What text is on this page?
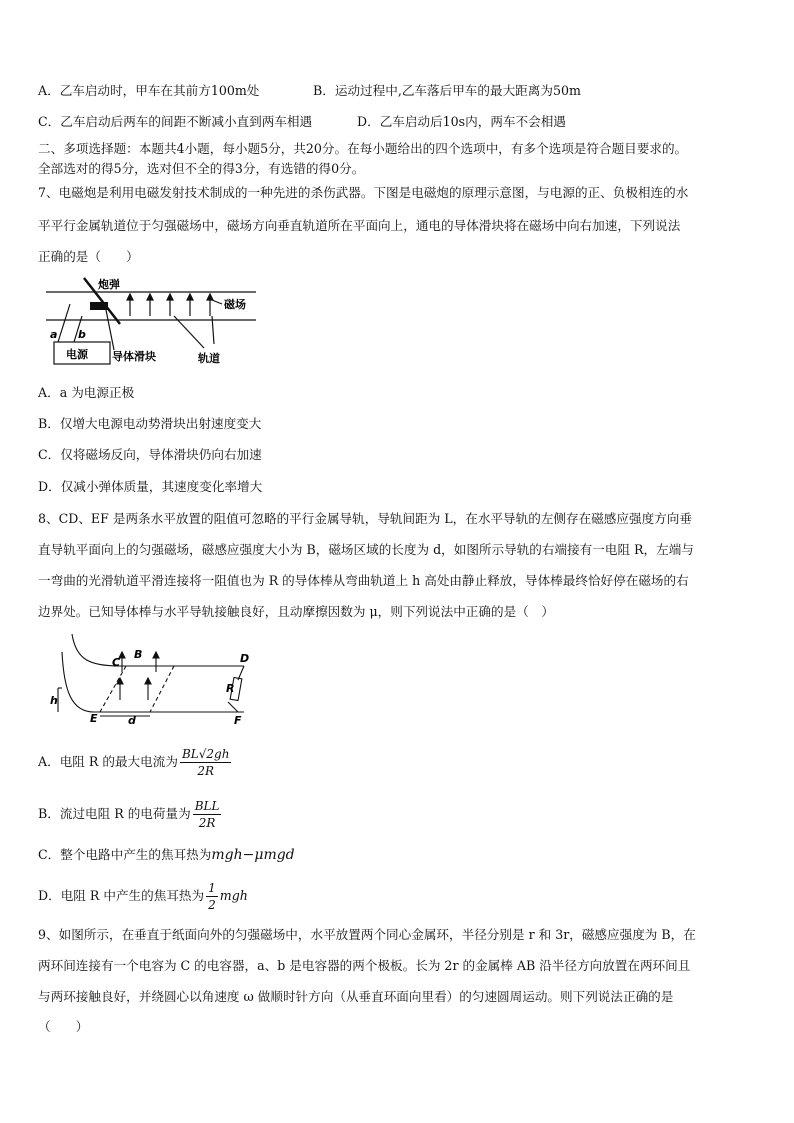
A．乙车启动时，甲车在其前方100m处	B．运动过程中,乙车落后甲车的最大距离为50m
C．乙车启动后两车的间距不断减小直到两车相遇	D．乙车启动后10s内，两车不会相遇
二、多项选择题：本题共4小题，每小题5分，共20分。在每小题给出的四个选项中，有多个选项是符合题目要求的。
全部选对的得5分，选对但不全的得3分，有选错的得0分。
7、电磁炮是利用电磁发射技术制成的一种先进的杀伤武器。下图是电磁炮的原理示意图，与电源的正、负极相连的水
平平行金属轨道位于匀强磁场中，磁场方向垂直轨道所在平面向上，通电的导体滑块将在磁场中向右加速，下列说法
正确的是（　　）
炮弹
磁场
a b
电源 导体滑块	轨道
A．a 为电源正极
B．仅增大电源电动势滑块出射速度变大
C．仅将磁场反向，导体滑块仍向右加速
D．仅减小弹体质量，其速度变化率增大
8、CD、EF 是两条水平放置的阻值可忽略的平行金属导轨，导轨间距为 L，在水平导轨的左侧存在磁感应强度方向垂
直导轨平面向上的匀强磁场，磁感应强度大小为 B，磁场区域的长度为 d，如图所示导轨的右端接有一电阻 R，左端与
一弯曲的光滑轨道平滑连接将一阻值也为 R 的导体棒从弯曲轨道上 h 高处由静止释放，导体棒最终恰好停在磁场的右
边界处。已知导体棒与水平导轨接触良好，且动摩擦因数为 μ，则下列说法中正确的是（　）
C
B	D
h
R
E	d	F
A．电阻 R 的最大电流为 $\frac{BL√2gh}{2R}$
B．流过电阻 R 的电荷量为 $\frac{\text{BLL}}{2R}$
C．整个电路中产生的焦耳热为mgh−μmgd
D．电阻 R 中产生的焦耳热为 $\frac{1}{2}$ mgh
9、如图所示，在垂直于纸面向外的匀强磁场中，水平放置两个同心金属环，半径分别是 r 和 3r，磁感应强度为 B，在
两环间连接有一个电容为 C 的电容器，a、b 是电容器的两个极板。长为 2r 的金属棒 AB 沿半径方向放置在两环间且
与两环接触良好，并绕圆心以角速度 ω 做顺时针方向（从垂直环面向里看）的匀速圆周运动。则下列说法正确的是
（　　）
